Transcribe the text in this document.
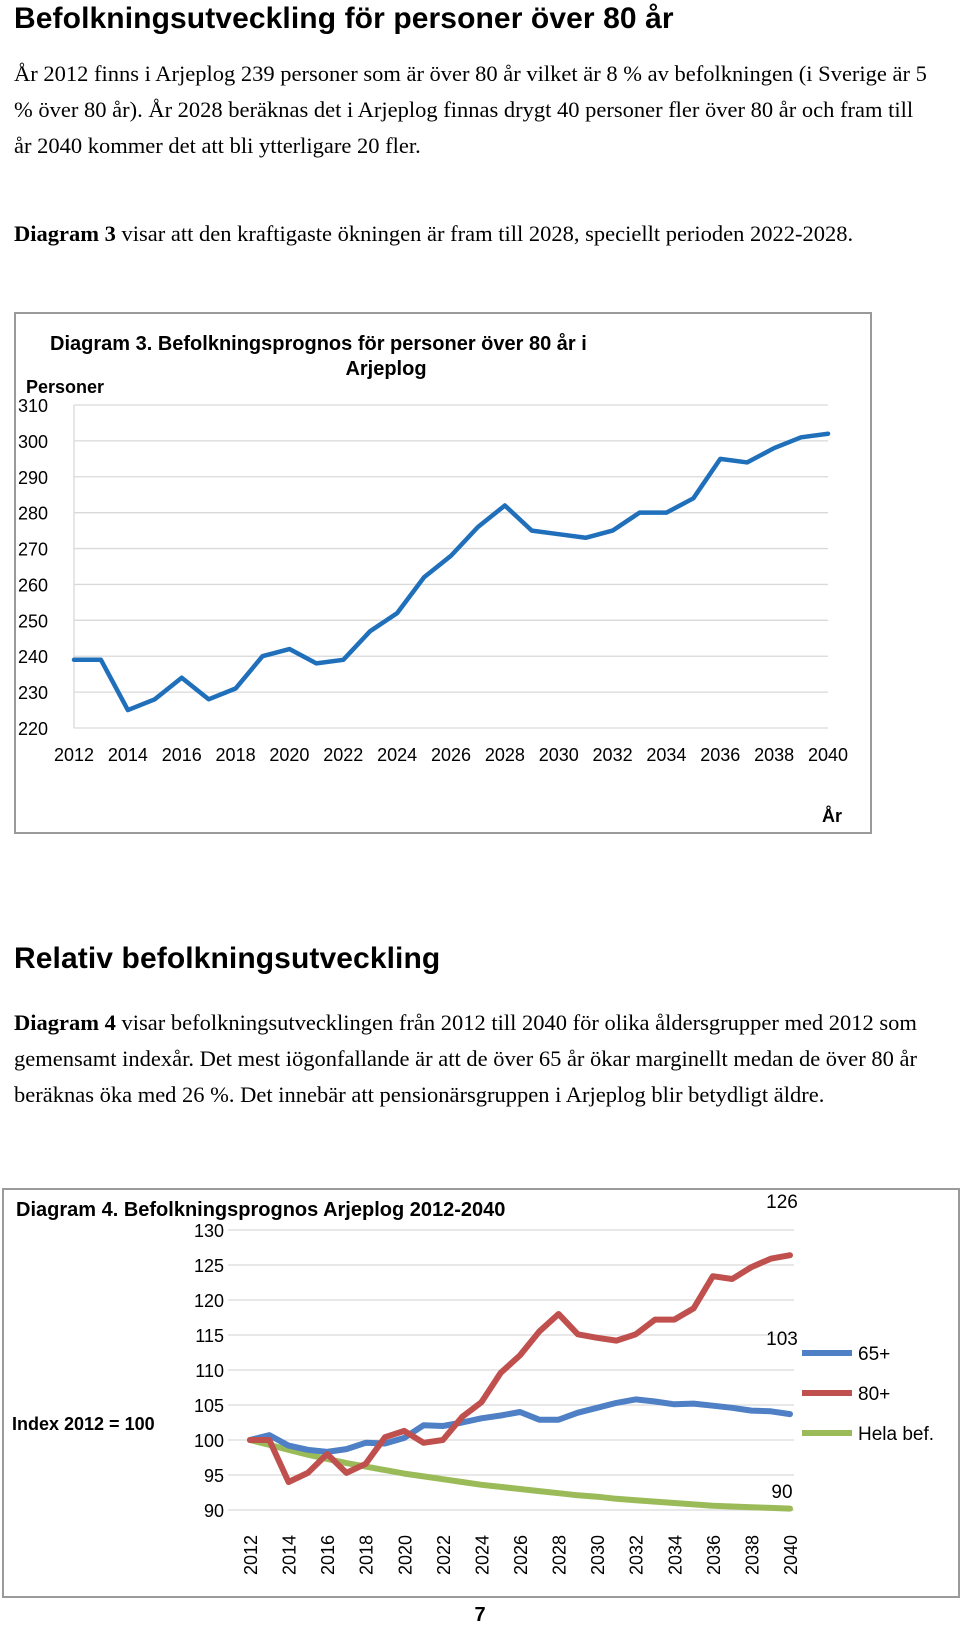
Befolkningsutveckling för personer över 80 år

År 2012 finns i Arjeplog 239 personer som är över 80 år vilket är 8 % av befolkningen (i Sverige är 5 % över 80 år). År 2028 beräknas det i Arjeplog finnas drygt 40 personer fler över 80 år och fram till år 2040 kommer det att bli ytterligare 20 fler.

Diagram 3 visar att den kraftigaste ökningen är fram till 2028, speciellt perioden 2022-2028.

Diagram 3. Befolkningsprognos för personer över 80 år i
Arjeplog
Personer
År
310
300
290
280
270
260
250
240
230
220
2012 2014 2016 2018 2020 2022 2024 2026 2028 2030 2032 2034 2036 2038 2040
Relativ befolkningsutveckling

Diagram 4 visar befolkningsutvecklingen från 2012 till 2040 för olika åldersgrupper med 2012 som gemensamt indexår. Det mest iögonfallande är att de över 65 år ökar marginellt medan de över 80 år beräknas öka med 26 %. Det innebär att pensionärsgruppen i Arjeplog blir betydligt äldre.

Diagram 4. Befolkningsprognos Arjeplog 2012-2040
Index 2012 = 100
130
125
120
115
110
105
100
95
90
2012 2014 2016 2018 2020 2022 2024 2026 2028 2030 2032 2034 2036 2038 2040
126
103
90
65+
80+
Hela bef.
7
